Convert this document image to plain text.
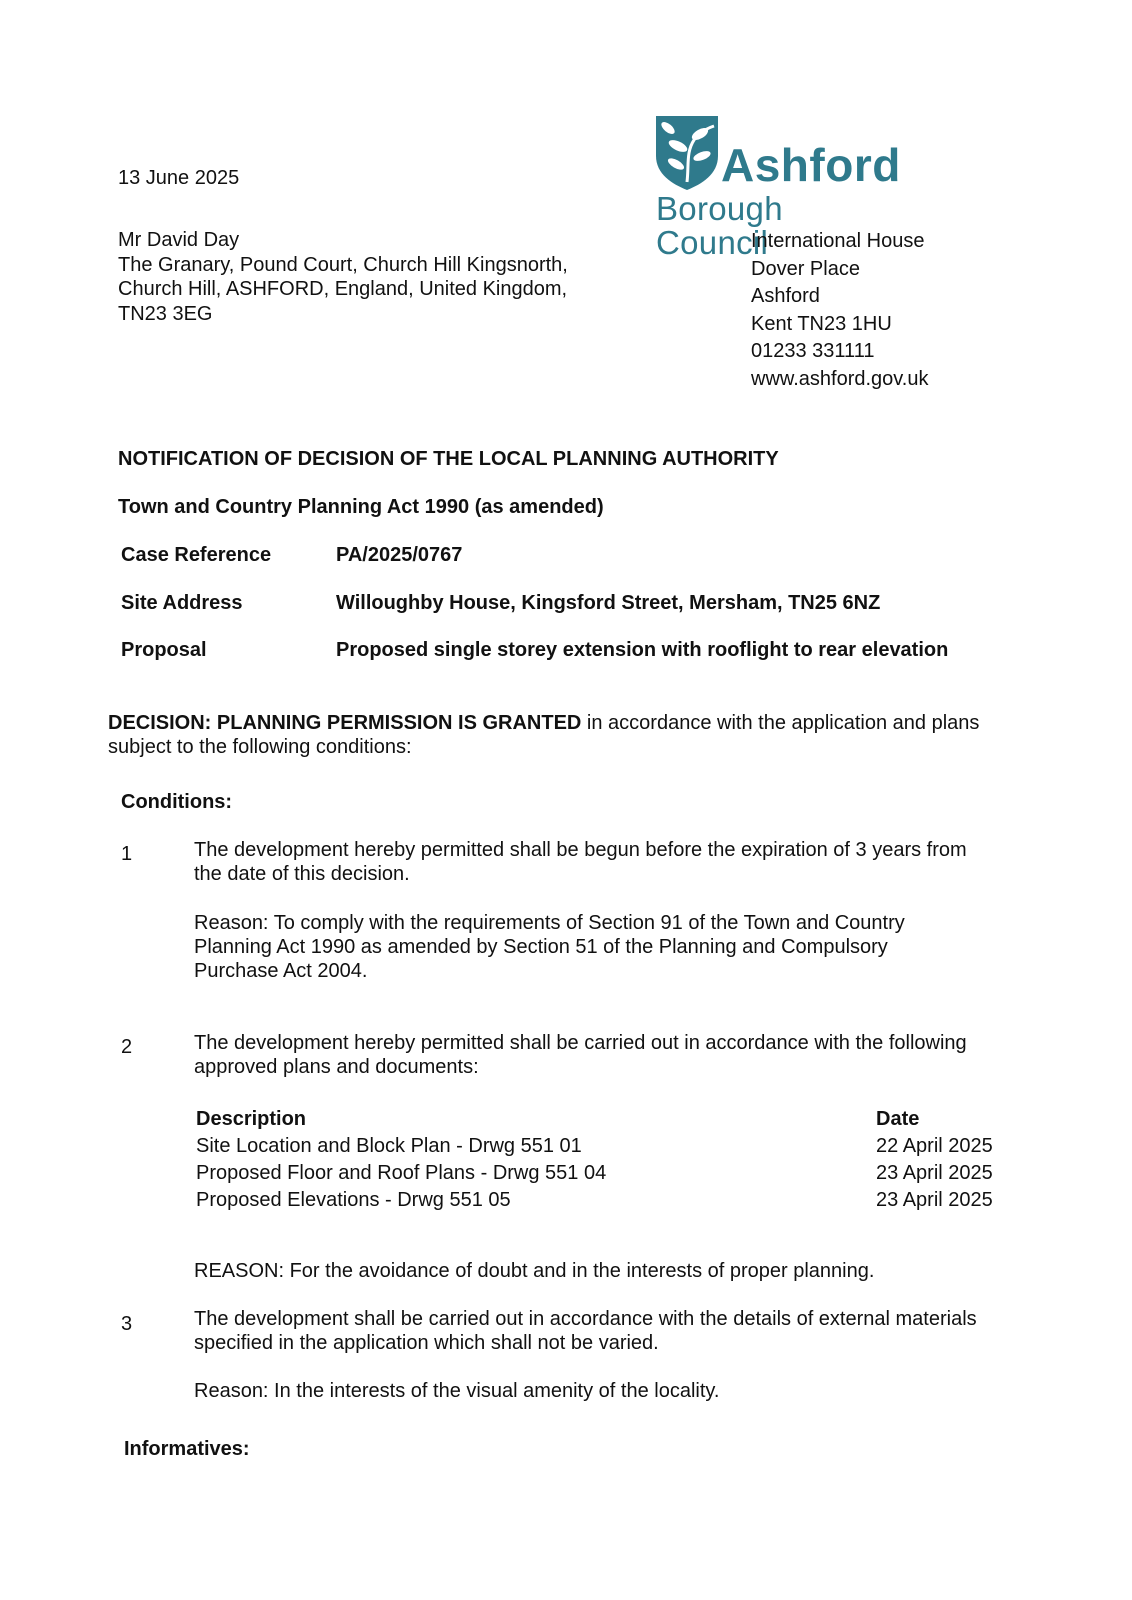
13 June 2025	Ashford
Borough Council
Mr David Day
The Granary, Pound Court, Church Hill Kingsnorth,
Church Hill, ASHFORD, England, United Kingdom,
TN23 3EG
International House
Dover Place
Ashford
Kent TN23 1HU
01233 331111
www.ashford.gov.uk
NOTIFICATION OF DECISION OF THE LOCAL PLANNING AUTHORITY
Town and Country Planning Act 1990 (as amended)
Case Reference	PA/2025/0767
Site Address	Willoughby House, Kingsford Street, Mersham, TN25 6NZ
Proposal	Proposed single storey extension with rooflight to rear elevation
DECISION: PLANNING PERMISSION IS GRANTED in accordance with the application and plans
subject to the following conditions:
Conditions:
1	The development hereby permitted shall be begun before the expiration of 3 years from
the date of this decision.
Reason: To comply with the requirements of Section 91 of the Town and Country
Planning Act 1990 as amended by Section 51 of the Planning and Compulsory
Purchase Act 2004.
2	The development hereby permitted shall be carried out in accordance with the following
approved plans and documents:
Description	Date
Site Location and Block Plan - Drwg 551 01	22 April 2025
Proposed Floor and Roof Plans - Drwg 551 04	23 April 2025
Proposed Elevations - Drwg 551 05	23 April 2025
REASON: For the avoidance of doubt and in the interests of proper planning.
3	The development shall be carried out in accordance with the details of external materials
specified in the application which shall not be varied.
Reason: In the interests of the visual amenity of the locality.
Informatives:
